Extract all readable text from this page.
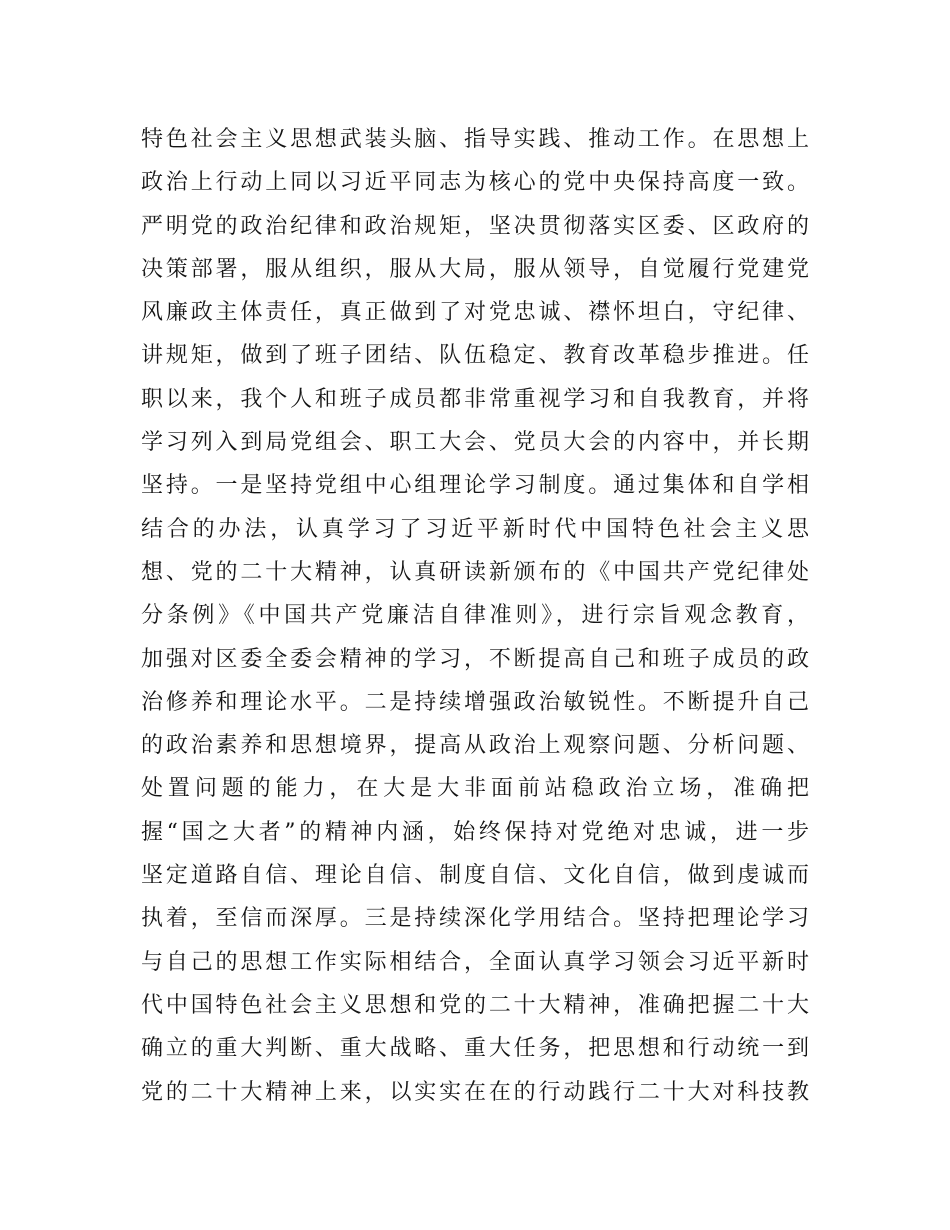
特色社会主义思想武装头脑、指导实践、推动工作。在思想上
政治上行动上同以习近平同志为核心的党中央保持高度一致。
严明党的政治纪律和政治规矩，坚决贯彻落实区委、区政府的
决策部署，服从组织，服从大局，服从领导，自觉履行党建党
风廉政主体责任，真正做到了对党忠诚、襟怀坦白，守纪律、
讲规矩，做到了班子团结、队伍稳定、教育改革稳步推进。任
职以来，我个人和班子成员都非常重视学习和自我教育，并将
学习列入到局党组会、职工大会、党员大会的内容中，并长期
坚持。一是坚持党组中心组理论学习制度。通过集体和自学相
结合的办法，认真学习了习近平新时代中国特色社会主义思
想、党的二十大精神，认真研读新颁布的《中国共产党纪律处
分条例》《中国共产党廉洁自律准则》，进行宗旨观念教育，
加强对区委全委会精神的学习，不断提高自己和班子成员的政
治修养和理论水平。二是持续增强政治敏锐性。不断提升自己
的政治素养和思想境界，提高从政治上观察问题、分析问题、
处置问题的能力，在大是大非面前站稳政治立场，准确把
握“国之大者”的精神内涵，始终保持对党绝对忠诚，进一步
坚定道路自信、理论自信、制度自信、文化自信，做到虔诚而
执着，至信而深厚。三是持续深化学用结合。坚持把理论学习
与自己的思想工作实际相结合，全面认真学习领会习近平新时
代中国特色社会主义思想和党的二十大精神，准确把握二十大
确立的重大判断、重大战略、重大任务，把思想和行动统一到
党的二十大精神上来，以实实在在的行动践行二十大对科技教
